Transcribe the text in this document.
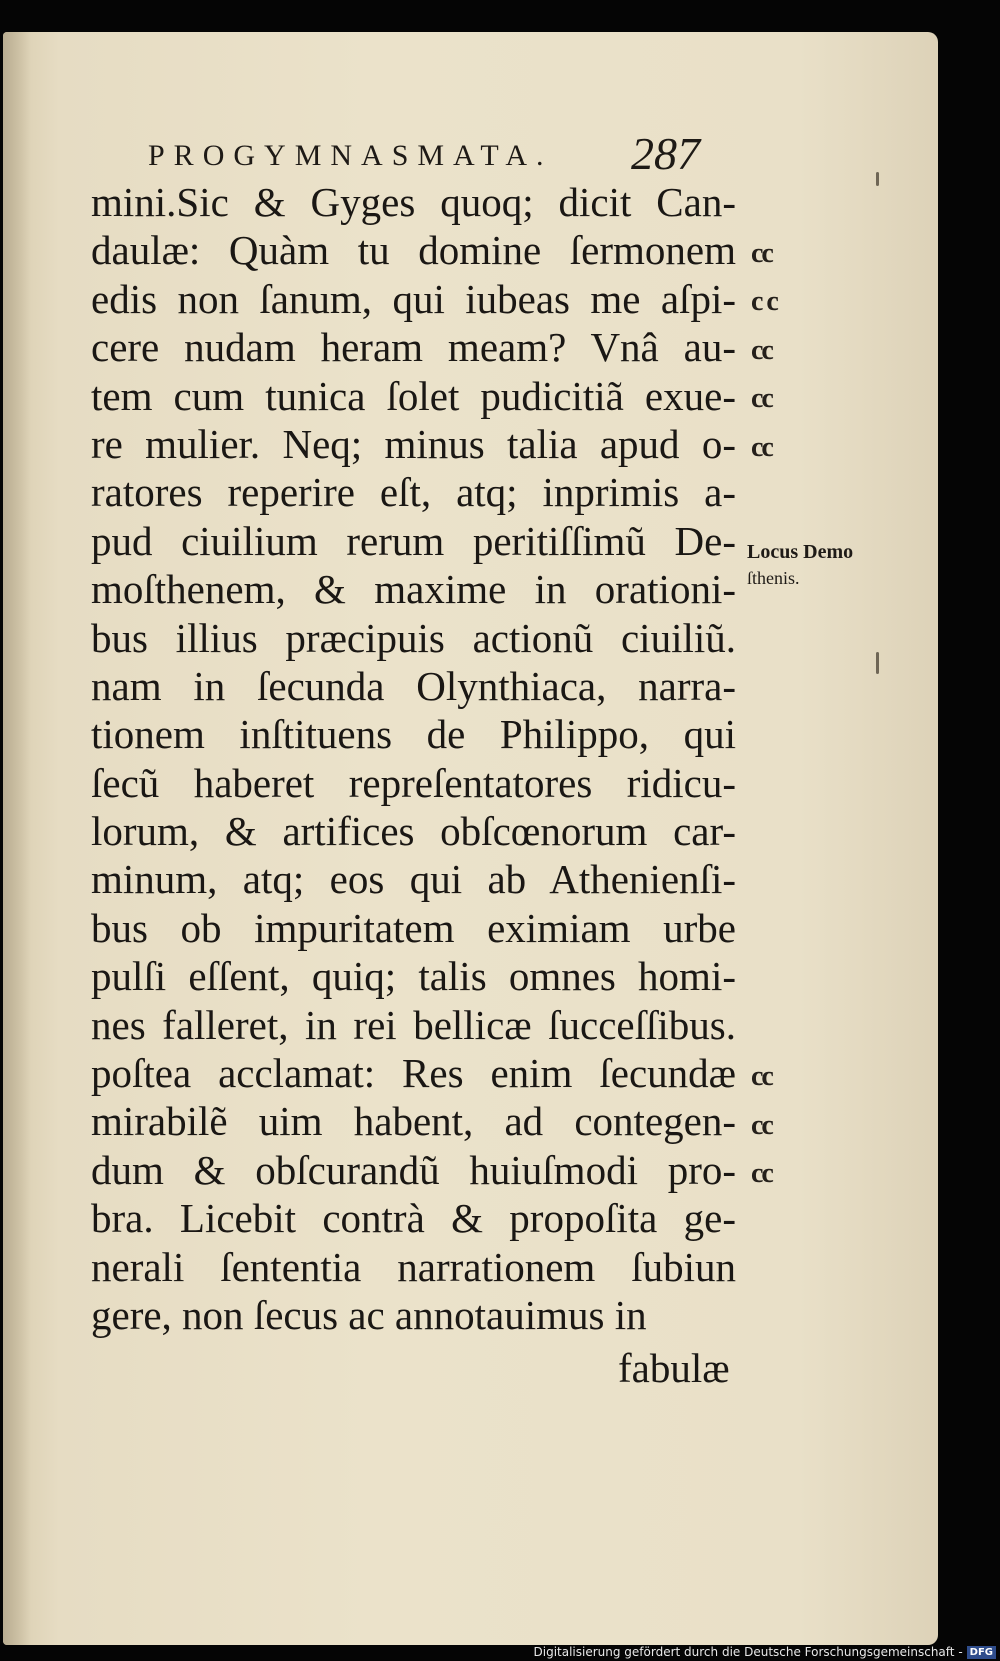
PROGYMNASMATA. 287
mini.Sic & Gyges quoq; dicit Can-
daulæ: Quàm tu domine ſermonem
edis non ſanum, qui iubeas me aſpi-
cere nudam heram meam? Vnâ au-
tem cum tunica ſolet pudicitiã exue-
re mulier. Neq; minus talia apud o-
ratores reperire eſt, atq; inprimis a-
pud ciuilium rerum peritiſſimũ De-
moſthenem, & maxime in orationi-
bus illius præcipuis actionũ ciuiliũ.
nam in ſecunda Olynthiaca, narra-
tionem inſtituens de Philippo, qui
ſecũ haberet repreſentatores ridicu-
lorum, & artifices obſcœnorum car-
minum, atq; eos qui ab Athenienſi-
bus ob impuritatem eximiam urbe
pulſi eſſent, quiq; talis omnes homi-
nes falleret, in rei bellicæ ſucceſſibus.
poſtea acclamat: Res enim ſecundæ
mirabilẽ uim habent, ad contegen-
dum & obſcurandũ huiuſmodi pro-
bra. Licebit contrà & propoſita ge-
nerali ſententia narrationem ſubiun
gere, non ſecus ac annotauimus in
fabulæ
cc
c c
cc
cc
cc
cc
cc
cc
Locus Demo
ſthenis.
Digitalisierung gefördert durch die Deutsche Forschungsgemeinschaft - DFG
